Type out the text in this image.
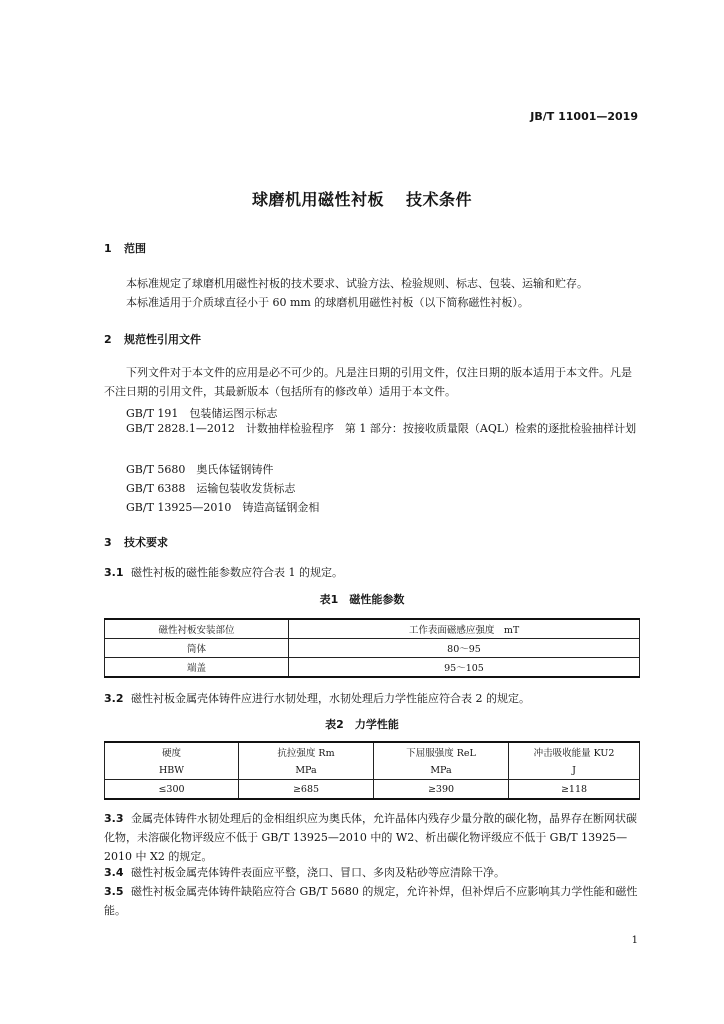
JB/T 11001—2019
球磨机用磁性衬板 技术条件
1 范围
本标准规定了球磨机用磁性衬板的技术要求、试验方法、检验规则、标志、包装、运输和贮存。
本标准适用于介质球直径小于 60 mm 的球磨机用磁性衬板（以下简称磁性衬板）。
2 规范性引用文件
下列文件对于本文件的应用是必不可少的。凡是注日期的引用文件，仅注日期的版本适用于本文件。凡是不注日期的引用文件，其最新版本（包括所有的修改单）适用于本文件。
GB/T 191　包装储运图示标志
GB/T 2828.1—2012　计数抽样检验程序　第 1 部分：按接收质量限（AQL）检索的逐批检验抽样计划
GB/T 5680　奥氏体锰钢铸件
GB/T 6388　运输包装收发货标志
GB/T 13925—2010　铸造高锰钢金相
3 技术要求
3.1 磁性衬板的磁性能参数应符合表 1 的规定。
表1　磁性能参数
磁性衬板安装部位	工作表面磁感应强度　mT
筒体	80～95
端盖	95～105
3.2 磁性衬板金属壳体铸件应进行水韧处理，水韧处理后力学性能应符合表 2 的规定。
表2　力学性能
硬度	抗拉强度 Rm	下屈服强度 ReL	冲击吸收能量 KU2
HBW	MPa	MPa	J
≤300	≥685	≥390	≥118
3.3 金属壳体铸件水韧处理后的金相组织应为奥氏体，允许晶体内残存少量分散的碳化物，晶界存在断网状碳化物，未溶碳化物评级应不低于 GB/T 13925—2010 中的 W2、析出碳化物评级应不低于 GB/T 13925—2010 中 X2 的规定。
3.4 磁性衬板金属壳体铸件表面应平整，浇口、冒口、多肉及粘砂等应清除干净。
3.5 磁性衬板金属壳体铸件缺陷应符合 GB/T 5680 的规定，允许补焊，但补焊后不应影响其力学性能和磁性能。
1
